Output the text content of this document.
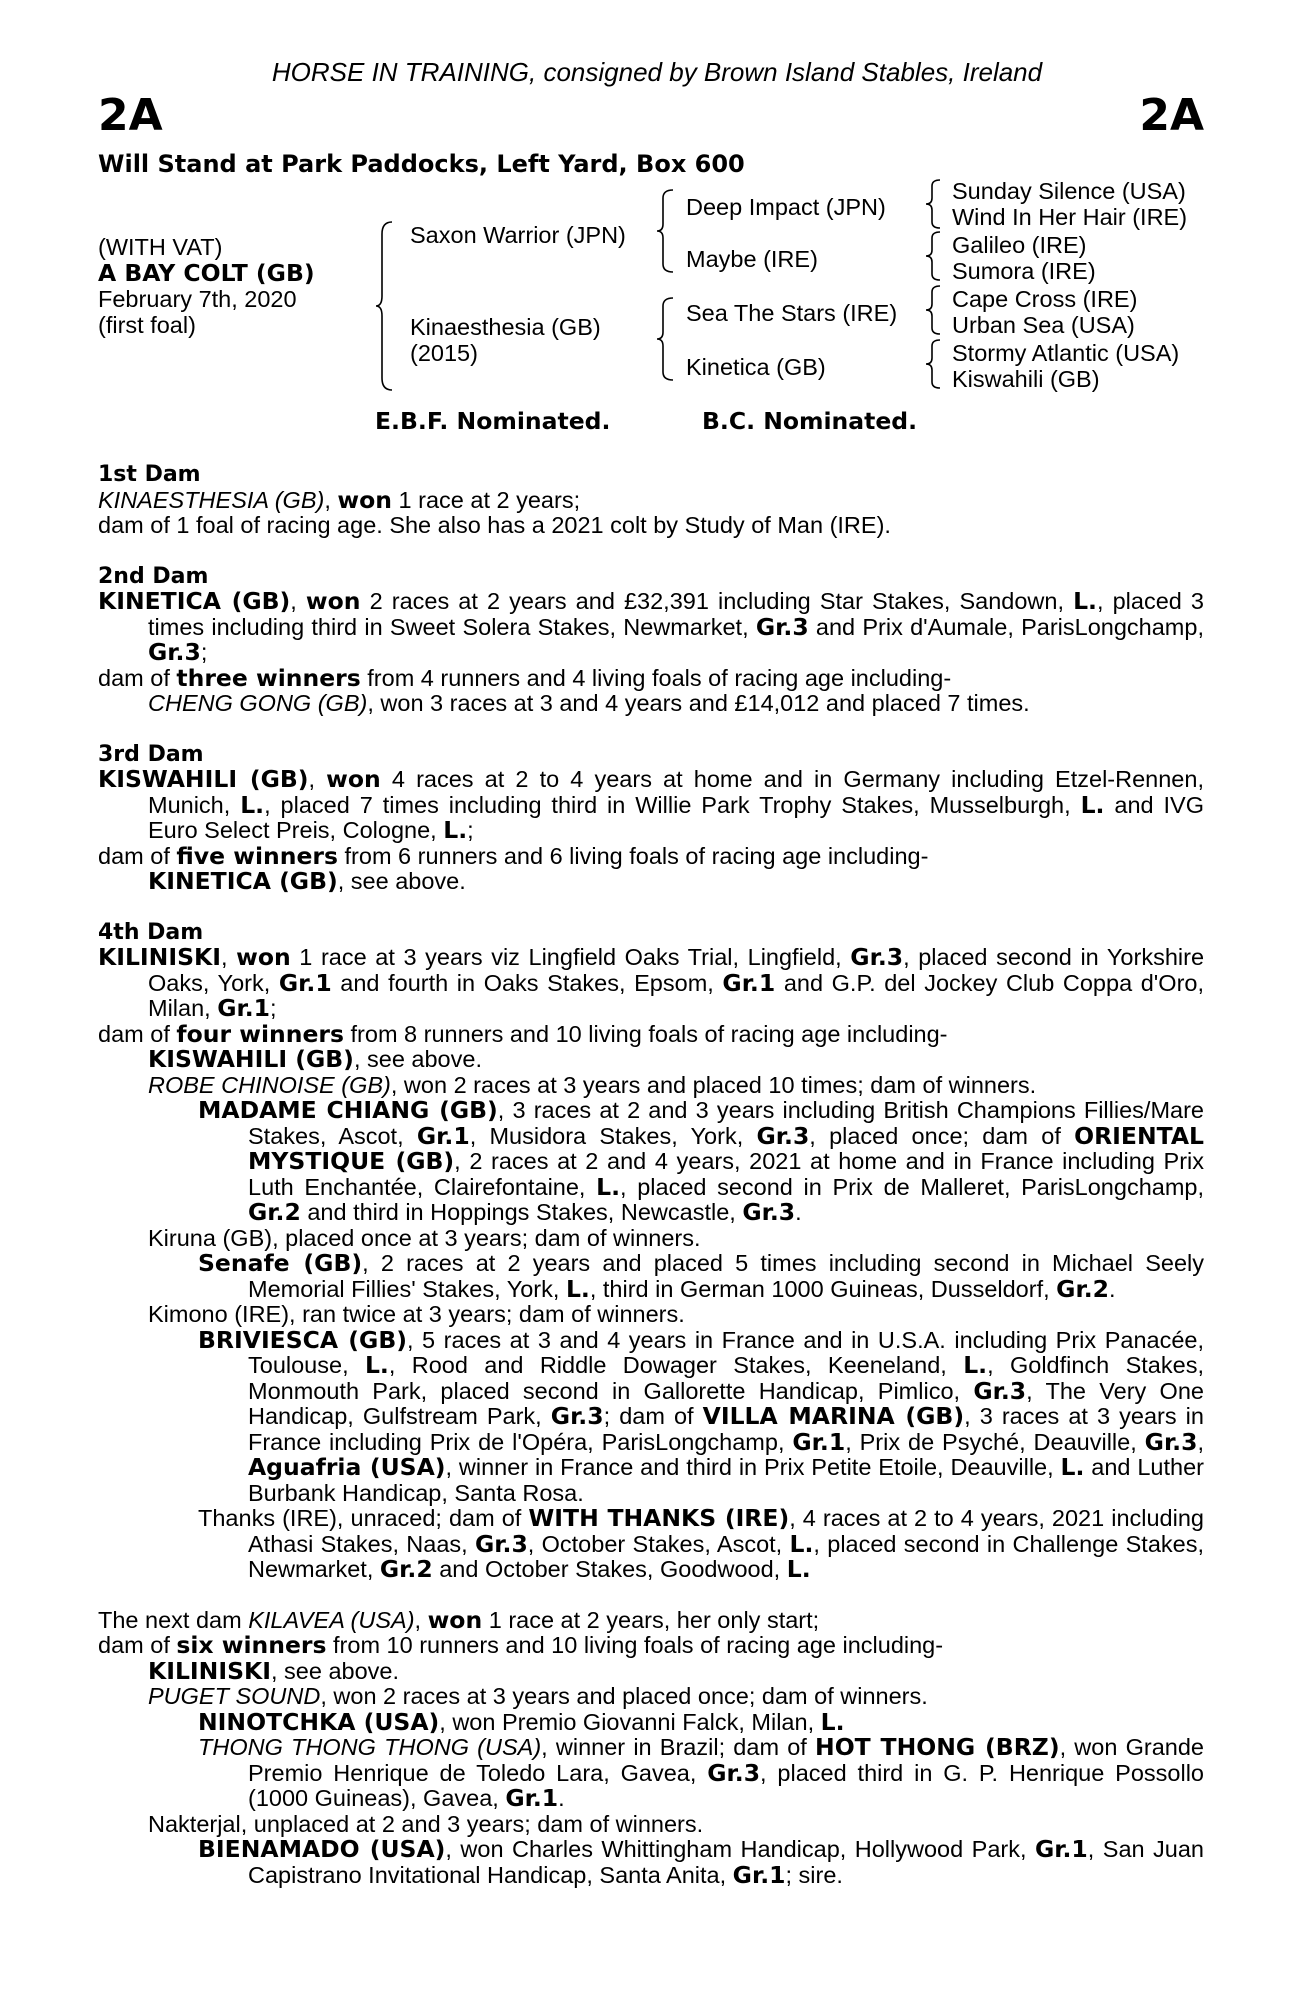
HORSE IN TRAINING, consigned by Brown Island Stables, Ireland
2A	2A
Will Stand at Park Paddocks, Left Yard, Box 600
(WITH VAT)
A BAY COLT (GB)
February 7th, 2020
(first foal)
Saxon Warrior (JPN)
Kinaesthesia (GB)
(2015)
Deep Impact (JPN)
Maybe (IRE)
Sea The Stars (IRE)
Kinetica (GB)
Sunday Silence (USA)
Wind In Her Hair (IRE)
Galileo (IRE)
Sumora (IRE)
Cape Cross (IRE)
Urban Sea (USA)
Stormy Atlantic (USA)
Kiswahili (GB)
E.B.F. Nominated.	B.C. Nominated.
1st Dam
KINAESTHESIA (GB), won 1 race at 2 years;
dam of 1 foal of racing age. She also has a 2021 colt by Study of Man (IRE).
2nd Dam
KINETICA (GB), won 2 races at 2 years and £32,391 including Star Stakes, Sandown, L., placed 3 times including third in Sweet Solera Stakes, Newmarket, Gr.3 and Prix d'Aumale, ParisLongchamp, Gr.3;
dam of three winners from 4 runners and 4 living foals of racing age including-
CHENG GONG (GB), won 3 races at 3 and 4 years and £14,012 and placed 7 times.
3rd Dam
KISWAHILI (GB), won 4 races at 2 to 4 years at home and in Germany including Etzel-Rennen, Munich, L., placed 7 times including third in Willie Park Trophy Stakes, Musselburgh, L. and IVG Euro Select Preis, Cologne, L.;
dam of five winners from 6 runners and 6 living foals of racing age including-
KINETICA (GB), see above.
4th Dam
KILINISKI, won 1 race at 3 years viz Lingfield Oaks Trial, Lingfield, Gr.3, placed second in Yorkshire Oaks, York, Gr.1 and fourth in Oaks Stakes, Epsom, Gr.1 and G.P. del Jockey Club Coppa d'Oro, Milan, Gr.1;
dam of four winners from 8 runners and 10 living foals of racing age including-
KISWAHILI (GB), see above.
ROBE CHINOISE (GB), won 2 races at 3 years and placed 10 times; dam of winners.
MADAME CHIANG (GB), 3 races at 2 and 3 years including British Champions Fillies/Mare Stakes, Ascot, Gr.1, Musidora Stakes, York, Gr.3, placed once; dam of ORIENTAL MYSTIQUE (GB), 2 races at 2 and 4 years, 2021 at home and in France including Prix Luth Enchantée, Clairefontaine, L., placed second in Prix de Malleret, ParisLongchamp, Gr.2 and third in Hoppings Stakes, Newcastle, Gr.3.
Kiruna (GB), placed once at 3 years; dam of winners.
Senafe (GB), 2 races at 2 years and placed 5 times including second in Michael Seely Memorial Fillies' Stakes, York, L., third in German 1000 Guineas, Dusseldorf, Gr.2.
Kimono (IRE), ran twice at 3 years; dam of winners.
BRIVIESCA (GB), 5 races at 3 and 4 years in France and in U.S.A. including Prix Panacée, Toulouse, L., Rood and Riddle Dowager Stakes, Keeneland, L., Goldfinch Stakes, Monmouth Park, placed second in Gallorette Handicap, Pimlico, Gr.3, The Very One Handicap, Gulfstream Park, Gr.3; dam of VILLA MARINA (GB), 3 races at 3 years in France including Prix de l'Opéra, ParisLongchamp, Gr.1, Prix de Psyché, Deauville, Gr.3, Aguafria (USA), winner in France and third in Prix Petite Etoile, Deauville, L. and Luther Burbank Handicap, Santa Rosa.
Thanks (IRE), unraced; dam of WITH THANKS (IRE), 4 races at 2 to 4 years, 2021 including Athasi Stakes, Naas, Gr.3, October Stakes, Ascot, L., placed second in Challenge Stakes, Newmarket, Gr.2 and October Stakes, Goodwood, L.
The next dam KILAVEA (USA), won 1 race at 2 years, her only start;
dam of six winners from 10 runners and 10 living foals of racing age including-
KILINISKI, see above.
PUGET SOUND, won 2 races at 3 years and placed once; dam of winners.
NINOTCHKA (USA), won Premio Giovanni Falck, Milan, L.
THONG THONG THONG (USA), winner in Brazil; dam of HOT THONG (BRZ), won Grande Premio Henrique de Toledo Lara, Gavea, Gr.3, placed third in G. P. Henrique Possollo (1000 Guineas), Gavea, Gr.1.
Nakterjal, unplaced at 2 and 3 years; dam of winners.
BIENAMADO (USA), won Charles Whittingham Handicap, Hollywood Park, Gr.1, San Juan Capistrano Invitational Handicap, Santa Anita, Gr.1; sire.
